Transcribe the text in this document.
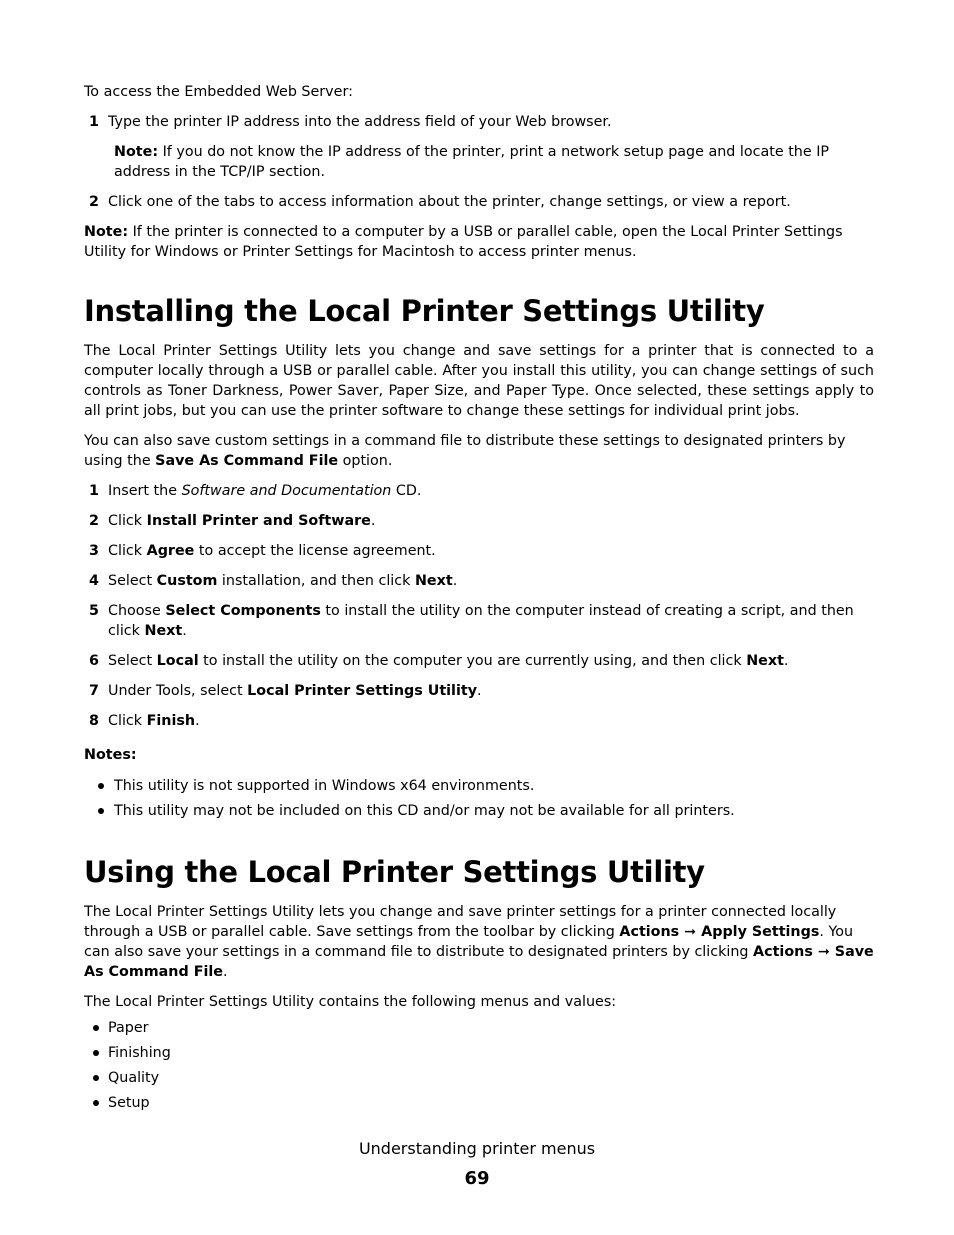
To access the Embedded Web Server:

1 Type the printer IP address into the address field of your Web browser.
Note: If you do not know the IP address of the printer, print a network setup page and locate the IP address in the TCP/IP section.
2 Click one of the tabs to access information about the printer, change settings, or view a report.

Note: If the printer is connected to a computer by a USB or parallel cable, open the Local Printer Settings Utility for Windows or Printer Settings for Macintosh to access printer menus.

Installing the Local Printer Settings Utility

The Local Printer Settings Utility lets you change and save settings for a printer that is connected to a computer locally through a USB or parallel cable. After you install this utility, you can change settings of such controls as Toner Darkness, Power Saver, Paper Size, and Paper Type. Once selected, these settings apply to all print jobs, but you can use the printer software to change these settings for individual print jobs.

You can also save custom settings in a command file to distribute these settings to designated printers by using the Save As Command File option.

1 Insert the Software and Documentation CD.
2 Click Install Printer and Software.
3 Click Agree to accept the license agreement.
4 Select Custom installation, and then click Next.
5 Choose Select Components to install the utility on the computer instead of creating a script, and then click Next.
6 Select Local to install the utility on the computer you are currently using, and then click Next.
7 Under Tools, select Local Printer Settings Utility.
8 Click Finish.

Notes:

This utility is not supported in Windows x64 environments.
This utility may not be included on this CD and/or may not be available for all printers.
Using the Local Printer Settings Utility

The Local Printer Settings Utility lets you change and save printer settings for a printer connected locally through a USB or parallel cable. Save settings from the toolbar by clicking Actions ➞ Apply Settings. You can also save your settings in a command file to distribute to designated printers by clicking Actions ➞ Save As Command File.

The Local Printer Settings Utility contains the following menus and values:

Paper
Finishing
Quality
Setup
Understanding printer menus
69
